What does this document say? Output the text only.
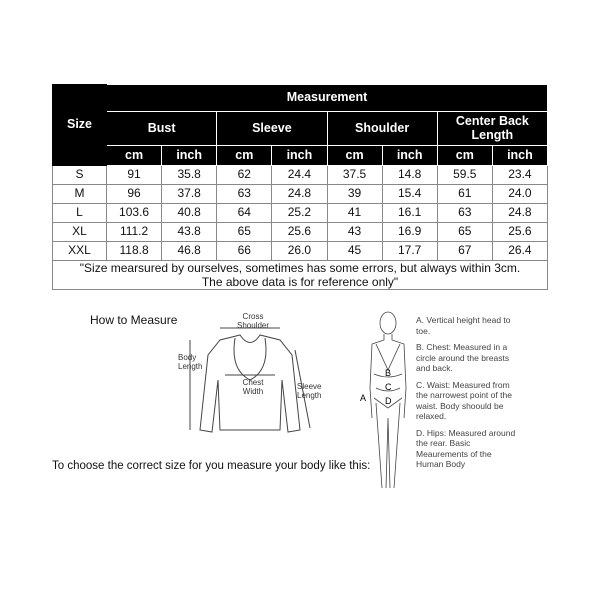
Size	Measurement							
	Bust		Sleeve		Shoulder		Center Back Length	
	cm	inch	cm	inch	cm	inch	cm	inch
S	91	35.8	62	24.4	37.5	14.8	59.5	23.4
M	96	37.8	63	24.8	39	15.4	61	24.0
L	103.6	40.8	64	25.2	41	16.1	63	24.8
XL	111.2	43.8	65	25.6	43	16.9	65	25.6
XXL	118.8	46.8	66	26.0	45	17.7	67	26.4
"Size mearsured by ourselves, sometimes has some errors, but always within 3cm.
The above data is for reference only"								
How to Measure	Cross Shoulder
Body Length
Chest Width
Sleeve Length
To choose the correct size for you measure your body like this:
B
C
D
A
A. Vertical height head to toe.
B. Chest: Measured in a circle around the breasts and back.
C. Waist: Measured from the narrowest point of the waist. Body shoould be relaxed.
D. Hips: Measured around the rear. Basic Meaurements of the Human Body
